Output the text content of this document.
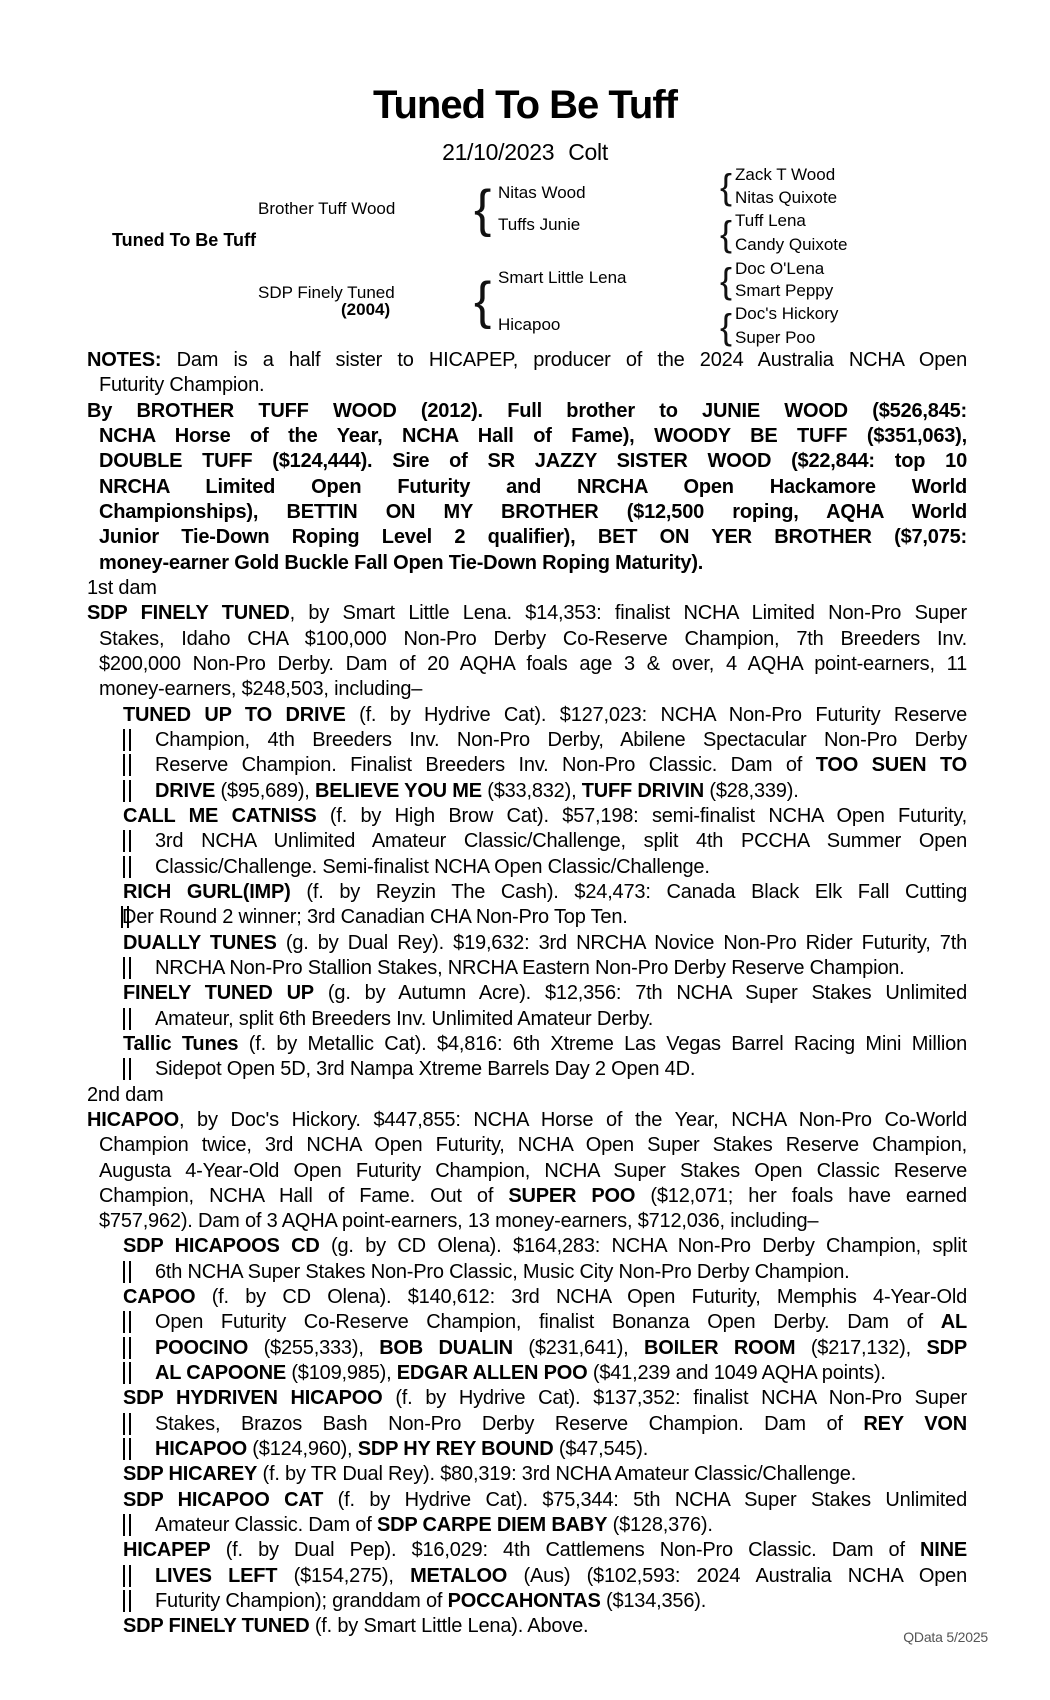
Tuned To Be Tuff
21/10/2023 Colt
Tuned To Be Tuff
Brother Tuff Wood
SDP Finely Tuned
(2004)
{
{
{
{
{
{
Nitas Wood
Tuffs Junie
Smart Little Lena
Hicapoo
Zack T Wood
Nitas Quixote
Tuff Lena
Candy Quixote
Doc O'Lena
Smart Peppy
Doc's Hickory
Super Poo
NOTES: Dam is a half sister to HICAPEP, producer of the 2024 Australia NCHA Open
Futurity Champion.
By BROTHER TUFF WOOD (2012). Full brother to JUNIE WOOD ($526,845:
NCHA Horse of the Year, NCHA Hall of Fame), WOODY BE TUFF ($351,063),
DOUBLE TUFF ($124,444). Sire of SR JAZZY SISTER WOOD ($22,844: top 10
NRCHA Limited Open Futurity and NRCHA Open Hackamore World
Championships), BETTIN ON MY BROTHER ($12,500 roping, AQHA World
Junior Tie-Down Roping Level 2 qualifier), BET ON YER BROTHER ($7,075:
money-earner Gold Buckle Fall Open Tie-Down Roping Maturity).
1st dam
SDP FINELY TUNED, by Smart Little Lena. $14,353: finalist NCHA Limited Non-Pro Super
Stakes, Idaho CHA $100,000 Non-Pro Derby Co-Reserve Champion, 7th Breeders Inv.
$200,000 Non-Pro Derby. Dam of 20 AQHA foals age 3 & over, 4 AQHA point-earners, 11
money-earners, $248,503, including–
TUNED UP TO DRIVE (f. by Hydrive Cat). $127,023: NCHA Non-Pro Futurity Reserve
Champion, 4th Breeders Inv. Non-Pro Derby, Abilene Spectacular Non-Pro Derby
Reserve Champion. Finalist Breeders Inv. Non-Pro Classic. Dam of TOO SUEN TO
DRIVE ($95,689), BELIEVE YOU ME ($33,832), TUFF DRIVIN ($28,339).
CALL ME CATNISS (f. by High Brow Cat). $57,198: semi-finalist NCHA Open Futurity,
3rd NCHA Unlimited Amateur Classic/Challenge, split 4th PCCHA Summer Open
Classic/Challenge. Semi-finalist NCHA Open Classic/Challenge.
RICH GURL(IMP) (f. by Reyzin The Cash). $24,473: Canada Black Elk Fall Cutting
Der Round 2 winner; 3rd Canadian CHA Non-Pro Top Ten.
DUALLY TUNES (g. by Dual Rey). $19,632: 3rd NRCHA Novice Non-Pro Rider Futurity, 7th
NRCHA Non-Pro Stallion Stakes, NRCHA Eastern Non-Pro Derby Reserve Champion.
FINELY TUNED UP (g. by Autumn Acre). $12,356: 7th NCHA Super Stakes Unlimited
Amateur, split 6th Breeders Inv. Unlimited Amateur Derby.
Tallic Tunes (f. by Metallic Cat). $4,816: 6th Xtreme Las Vegas Barrel Racing Mini Million
Sidepot Open 5D, 3rd Nampa Xtreme Barrels Day 2 Open 4D.
2nd dam
HICAPOO, by Doc's Hickory. $447,855: NCHA Horse of the Year, NCHA Non-Pro Co-World
Champion twice, 3rd NCHA Open Futurity, NCHA Open Super Stakes Reserve Champion,
Augusta 4-Year-Old Open Futurity Champion, NCHA Super Stakes Open Classic Reserve
Champion, NCHA Hall of Fame. Out of SUPER POO ($12,071; her foals have earned
$757,962). Dam of 3 AQHA point-earners, 13 money-earners, $712,036, including–
SDP HICAPOOS CD (g. by CD Olena). $164,283: NCHA Non-Pro Derby Champion, split
6th NCHA Super Stakes Non-Pro Classic, Music City Non-Pro Derby Champion.
CAPOO (f. by CD Olena). $140,612: 3rd NCHA Open Futurity, Memphis 4-Year-Old
Open Futurity Co-Reserve Champion, finalist Bonanza Open Derby. Dam of AL
POOCINO ($255,333), BOB DUALIN ($231,641), BOILER ROOM ($217,132), SDP
AL CAPOONE ($109,985), EDGAR ALLEN POO ($41,239 and 1049 AQHA points).
SDP HYDRIVEN HICAPOO (f. by Hydrive Cat). $137,352: finalist NCHA Non-Pro Super
Stakes, Brazos Bash Non-Pro Derby Reserve Champion. Dam of REY VON
HICAPOO ($124,960), SDP HY REY BOUND ($47,545).
SDP HICAREY (f. by TR Dual Rey). $80,319: 3rd NCHA Amateur Classic/Challenge.
SDP HICAPOO CAT (f. by Hydrive Cat). $75,344: 5th NCHA Super Stakes Unlimited
Amateur Classic. Dam of SDP CARPE DIEM BABY ($128,376).
HICAPEP (f. by Dual Pep). $16,029: 4th Cattlemens Non-Pro Classic. Dam of NINE
LIVES LEFT ($154,275), METALOO (Aus) ($102,593: 2024 Australia NCHA Open
Futurity Champion); granddam of POCCAHONTAS ($134,356).
SDP FINELY TUNED (f. by Smart Little Lena). Above.	QData 5/2025
